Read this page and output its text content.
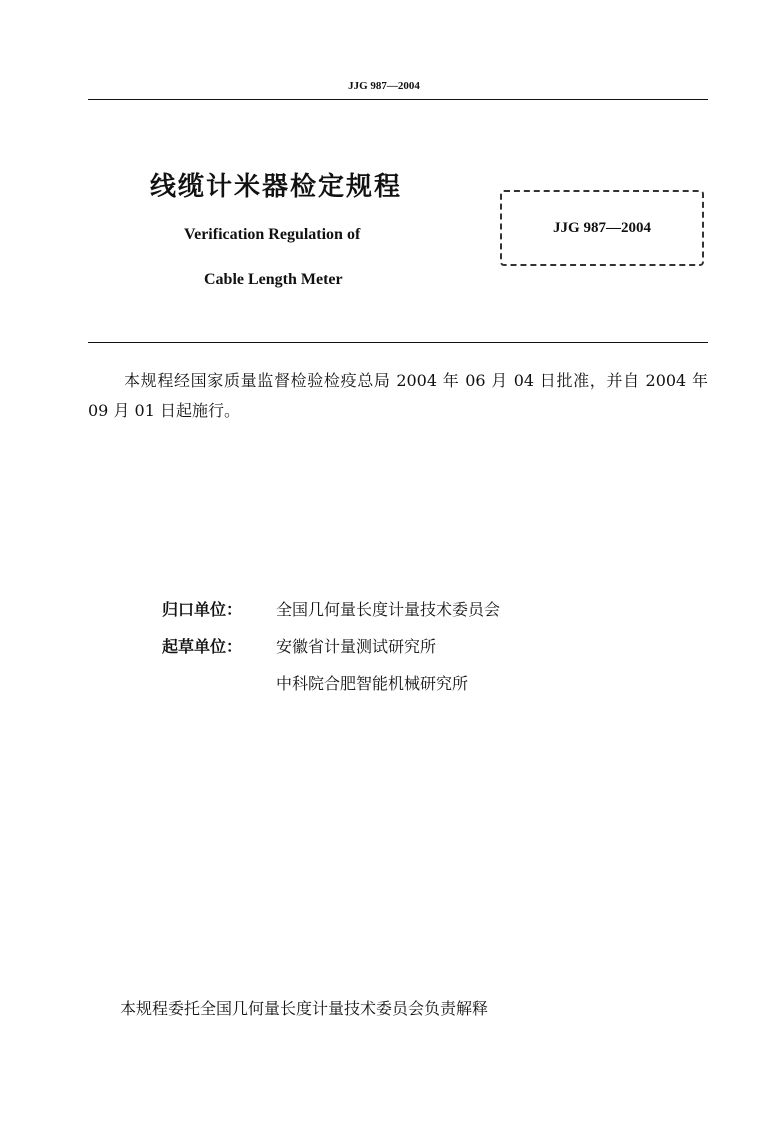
JJG 987—2004
线缆计米器检定规程
Verification Regulation of
Cable Length Meter
JJG 987—2004
本规程经国家质量监督检验检疫总局 2004 年 06 月 04 日批准，并自 2004 年 09 月 01 日起施行。
归口单位： 全国几何量长度计量技术委员会
起草单位： 安徽省计量测试研究所
中科院合肥智能机械研究所
本规程委托全国几何量长度计量技术委员会负责解释
